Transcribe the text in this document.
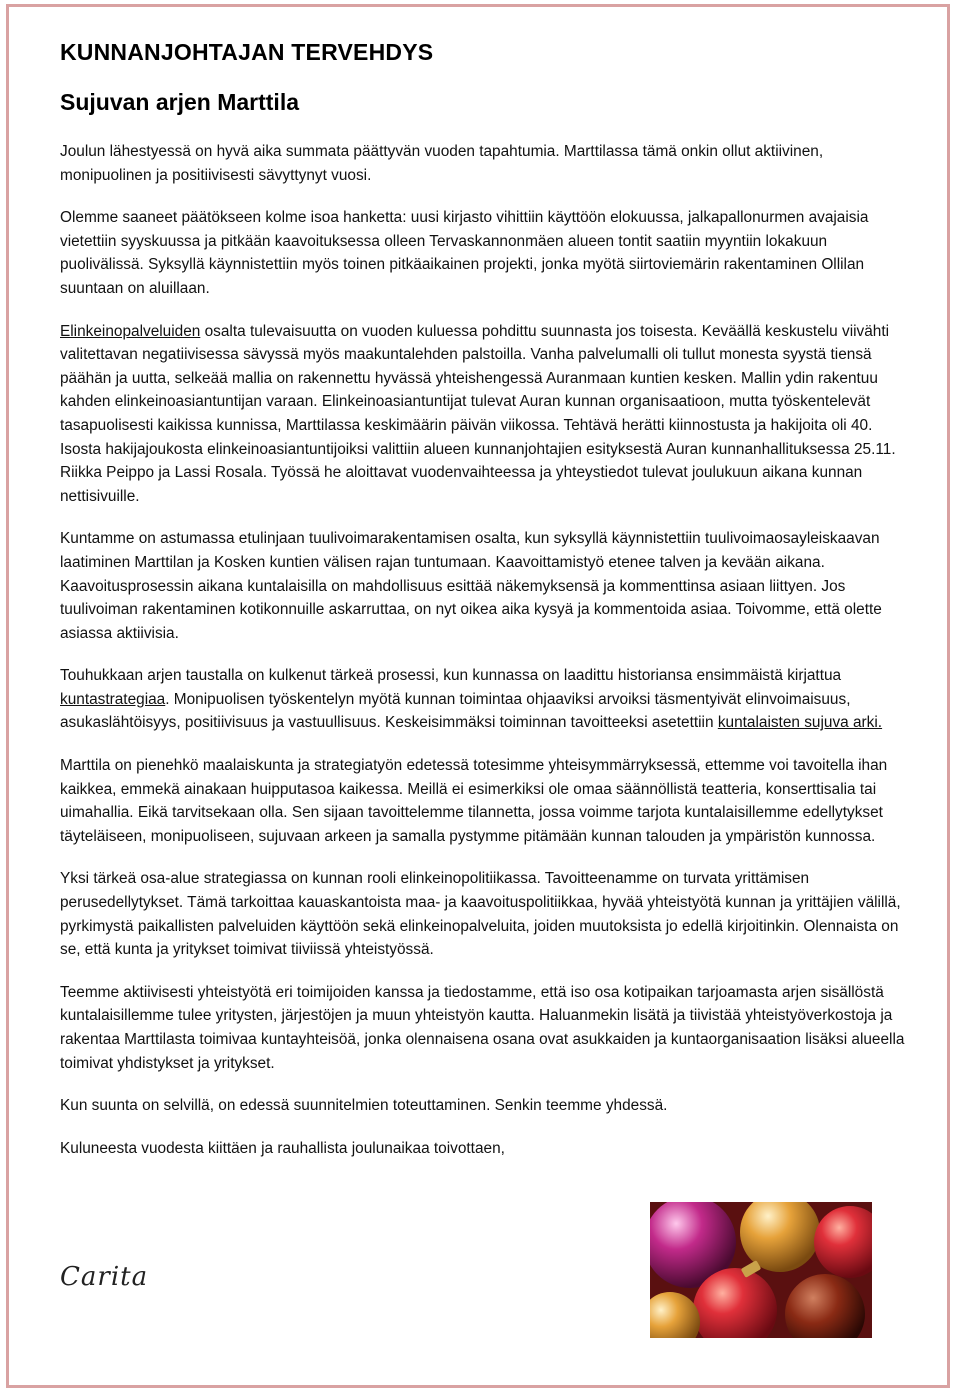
KUNNANJOHTAJAN TERVEHDYS
Sujuvan arjen Marttila

Joulun lähestyessä on hyvä aika summata päättyvän vuoden tapahtumia. Marttilassa tämä onkin ollut aktiivinen, monipuolinen ja positiivisesti sävyttynyt vuosi.

Olemme saaneet päätökseen kolme isoa hanketta: uusi kirjasto vihittiin käyttöön elokuussa, jalkapallonurmen avajaisia vietettiin syyskuussa ja pitkään kaavoituksessa olleen Tervaskannonmäen alueen tontit saatiin myyntiin lokakuun puolivälissä. Syksyllä käynnistettiin myös toinen pitkäaikainen projekti, jonka myötä siirtoviemärin rakentaminen Ollilan suuntaan on aluillaan.

Elinkeinopalveluiden osalta tulevaisuutta on vuoden kuluessa pohdittu suunnasta jos toisesta. Keväällä keskustelu viivähti valitettavan negatiivisessa sävyssä myös maakuntalehden palstoilla. Vanha palvelumalli oli tullut monesta syystä tiensä päähän ja uutta, selkeää mallia on rakennettu hyvässä yhteishengessä Auranmaan kuntien kesken. Mallin ydin rakentuu kahden elinkeinoasiantuntijan varaan. Elinkeinoasiantuntijat tulevat Auran kunnan organisaatioon, mutta työskentelevät tasapuolisesti kaikissa kunnissa, Marttilassa keskimäärin päivän viikossa. Tehtävä herätti kiinnostusta ja hakijoita oli 40. Isosta hakijajoukosta elinkeinoasiantuntijoiksi valittiin alueen kunnanjohtajien esityksestä Auran kunnanhallituksessa 25.11. Riikka Peippo ja Lassi Rosala. Työssä he aloittavat vuodenvaihteessa ja yhteystiedot tulevat joulukuun aikana kunnan nettisivuille.

Kuntamme on astumassa etulinjaan tuulivoimarakentamisen osalta, kun syksyllä käynnistettiin tuulivoimaosayleiskaavan laatiminen Marttilan ja Kosken kuntien välisen rajan tuntumaan. Kaavoittamistyö etenee talven ja kevään aikana. Kaavoitusprosessin aikana kuntalaisilla on mahdollisuus esittää näkemyksensä ja kommenttinsa asiaan liittyen. Jos tuulivoiman rakentaminen kotikonnuille askarruttaa, on nyt oikea aika kysyä ja kommentoida asiaa. Toivomme, että olette asiassa aktiivisia.

Touhukkaan arjen taustalla on kulkenut tärkeä prosessi, kun kunnassa on laadittu historiansa ensimmäistä kirjattua kuntastrategiaa. Monipuolisen työskentelyn myötä kunnan toimintaa ohjaaviksi arvoiksi täsmentyivät elinvoimaisuus, asukaslähtöisyys, positiivisuus ja vastuullisuus. Keskeisimmäksi toiminnan tavoitteeksi asetettiin kuntalaisten sujuva arki.

Marttila on pienehkö maalaiskunta ja strategiatyön edetessä totesimme yhteisymmärryksessä, ettemme voi tavoitella ihan kaikkea, emmekä ainakaan huipputasoa kaikessa. Meillä ei esimerkiksi ole omaa säännöllistä teatteria, konserttisalia tai uimahallia. Eikä tarvitsekaan olla. Sen sijaan tavoittelemme tilannetta, jossa voimme tarjota kuntalaisillemme edellytykset täyteläiseen, monipuoliseen, sujuvaan arkeen ja samalla pystymme pitämään kunnan talouden ja ympäristön kunnossa.

Yksi tärkeä osa-alue strategiassa on kunnan rooli elinkeinopolitiikassa. Tavoitteenamme on turvata yrittämisen perusedellytykset. Tämä tarkoittaa kauaskantoista maa- ja kaavoituspolitiikkaa, hyvää yhteistyötä kunnan ja yrittäjien välillä, pyrkimystä paikallisten palveluiden käyttöön sekä elinkeinopalveluita, joiden muutoksista jo edellä kirjoitinkin. Olennaista on se, että kunta ja yritykset toimivat tiiviissä yhteistyössä.

Teemme aktiivisesti yhteistyötä eri toimijoiden kanssa ja tiedostamme, että iso osa kotipaikan tarjoamasta arjen sisällöstä kuntalaisillemme tulee yritysten, järjestöjen ja muun yhteistyön kautta. Haluanmekin lisätä ja tiivistää yhteistyöverkostoja ja rakentaa Marttilasta toimivaa kuntayhteisöä, jonka olennaisena osana ovat asukkaiden ja kuntaorganisaation lisäksi alueella toimivat yhdistykset ja yritykset.

Kun suunta on selvillä, on edessä suunnitelmien toteuttaminen. Senkin teemme yhdessä.

Kuluneesta vuodesta kiittäen ja rauhallista joulunaikaa toivottaen,

Carita
